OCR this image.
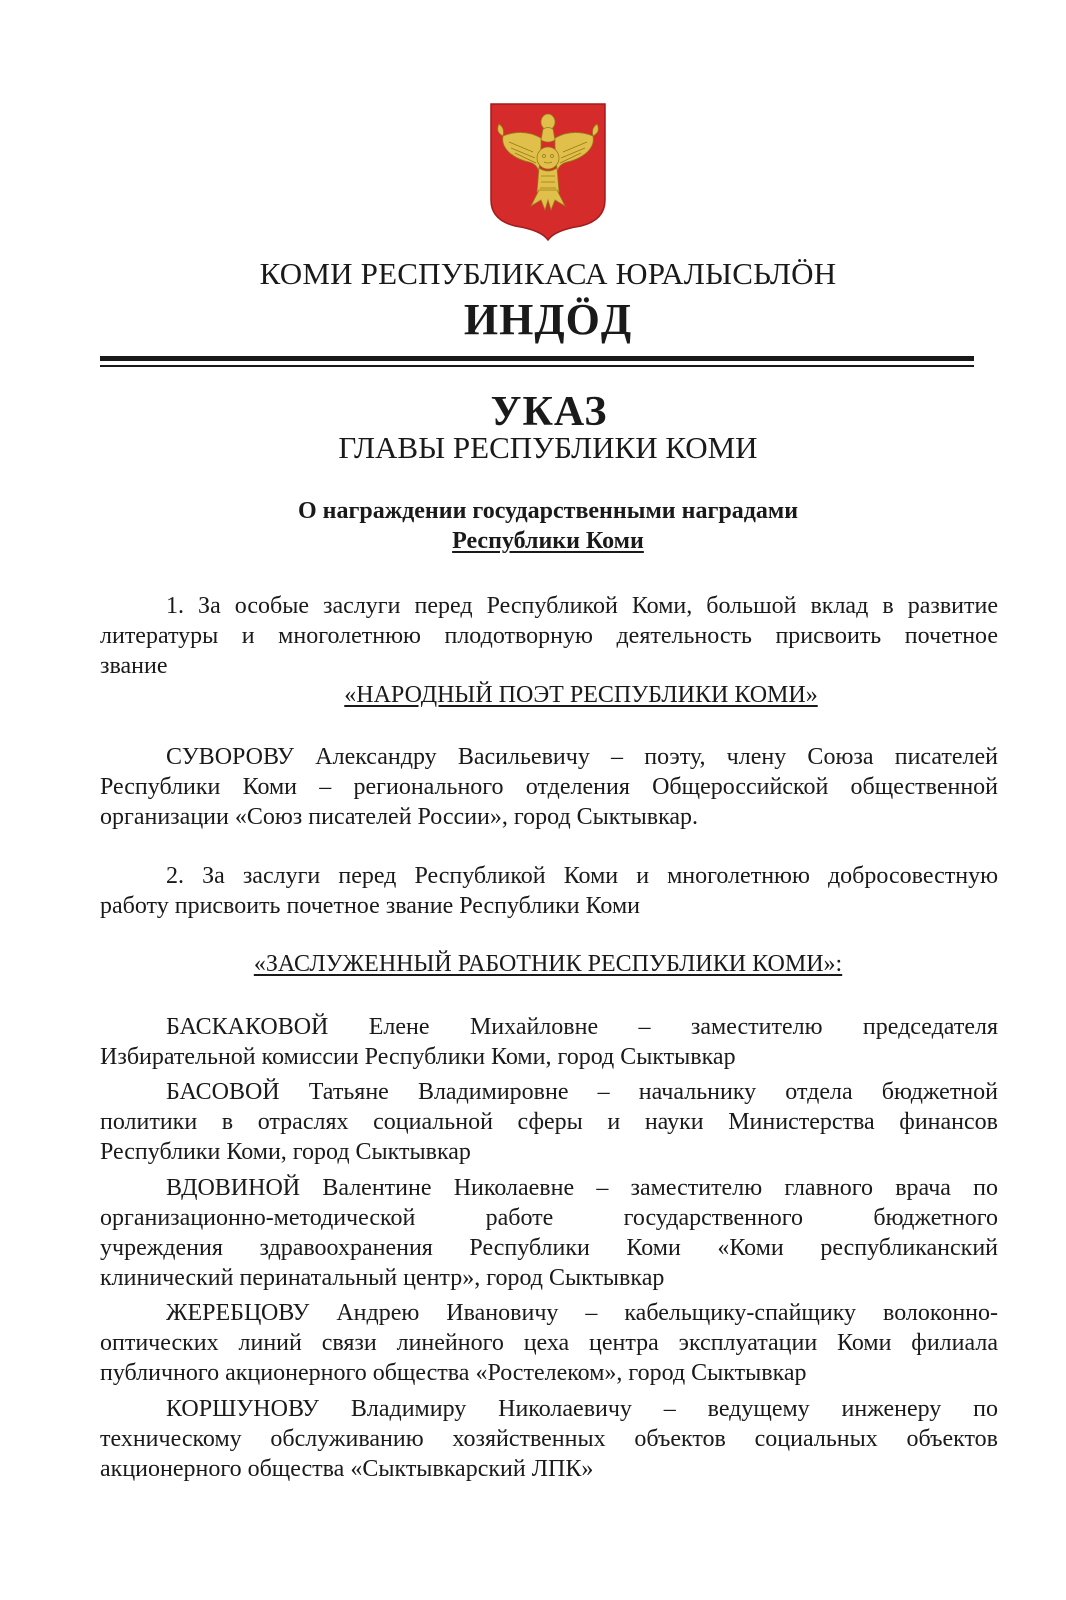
КОМИ РЕСПУБЛИКАСА ЮРАЛЫСЬЛӦН
ИНДӦД
УКАЗ
ГЛАВЫ РЕСПУБЛИКИ КОМИ
О награждении государственными наградами
Республики Коми
1. За особые заслуги перед Республикой Коми, большой вклад в развитие
литературы и многолетнюю плодотворную деятельность присвоить почетное
звание
«НАРОДНЫЙ ПОЭТ РЕСПУБЛИКИ КОМИ»
СУВОРОВУ Александру Васильевичу – поэту, члену Союза писателей
Республики Коми – регионального отделения Общероссийской общественной
организации «Союз писателей России», город Сыктывкар.
2. За заслуги перед Республикой Коми и многолетнюю добросовестную
работу присвоить почетное звание Республики Коми
«ЗАСЛУЖЕННЫЙ РАБОТНИК РЕСПУБЛИКИ КОМИ»:
БАСКАКОВОЙ Елене Михайловне – заместителю председателя
Избирательной комиссии Республики Коми, город Сыктывкар
БАСОВОЙ Татьяне Владимировне – начальнику отдела бюджетной
политики в отраслях социальной сферы и науки Министерства финансов
Республики Коми, город Сыктывкар
ВДОВИНОЙ Валентине Николаевне – заместителю главного врача по
организационно-методической работе государственного бюджетного
учреждения здравоохранения Республики Коми «Коми республиканский
клинический перинатальный центр», город Сыктывкар
ЖЕРЕБЦОВУ Андрею Ивановичу – кабельщику-спайщику волоконно-
оптических линий связи линейного цеха центра эксплуатации Коми филиала
публичного акционерного общества «Ростелеком», город Сыктывкар
КОРШУНОВУ Владимиру Николаевичу – ведущему инженеру по
техническому обслуживанию хозяйственных объектов социальных объектов
акционерного общества «Сыктывкарский ЛПК»
